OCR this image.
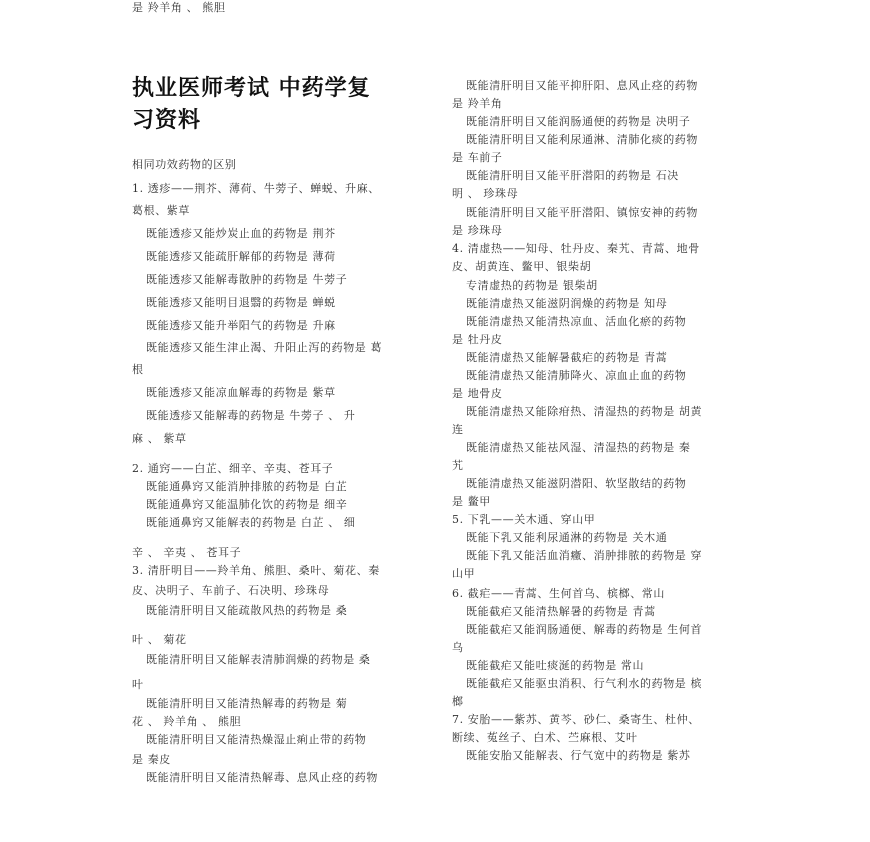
执业医师考试 中药学复
习资料
相同功效药物的区别
1. 透疹——荆芥、薄荷、牛蒡子、蝉蜕、升麻、
葛根、紫草
既能透疹又能炒炭止血的药物是 荆芥
既能透疹又能疏肝解郁的药物是 薄荷
既能透疹又能解毒散肿的药物是 牛蒡子
既能透疹又能明目退翳的药物是 蝉蜕
既能透疹又能升举阳气的药物是 升麻
既能透疹又能生津止渴、升阳止泻的药物是 葛
根
既能透疹又能凉血解毒的药物是 紫草
既能透疹又能解毒的药物是 牛蒡子 、 升
麻 、 紫草
2. 通窍——白芷、细辛、辛夷、苍耳子
既能通鼻窍又能消肿排脓的药物是 白芷
既能通鼻窍又能温肺化饮的药物是 细辛
既能通鼻窍又能解表的药物是 白芷 、 细
辛 、 辛夷 、 苍耳子
3. 清肝明目——羚羊角、熊胆、桑叶、菊花、秦
皮、决明子、车前子、石决明、珍珠母
既能清肝明目又能疏散风热的药物是 桑
叶 、 菊花
既能清肝明目又能解表清肺润燥的药物是 桑
叶
既能清肝明目又能清热解毒的药物是 菊
花 、 羚羊角 、 熊胆
既能清肝明目又能清热燥湿止痢止带的药物
是 秦皮
既能清肝明目又能清热解毒、息风止痉的药物
是 羚羊角 、 熊胆
既能清肝明目又能平抑肝阳、息风止痉的药物
是 羚羊角
既能清肝明目又能润肠通便的药物是 决明子
既能清肝明目又能利尿通淋、清肺化痰的药物
是 车前子
既能清肝明目又能平肝潜阳的药物是 石决
明 、 珍珠母
既能清肝明目又能平肝潜阳、镇惊安神的药物
是 珍珠母
4. 清虚热——知母、牡丹皮、秦艽、青蒿、地骨
皮、胡黄连、鳖甲、银柴胡
专清虚热的药物是 银柴胡
既能清虚热又能滋阴润燥的药物是 知母
既能清虚热又能清热凉血、活血化瘀的药物
是 牡丹皮
既能清虚热又能解暑截疟的药物是 青蒿
既能清虚热又能清肺降火、凉血止血的药物
是 地骨皮
既能清虚热又能除疳热、清湿热的药物是 胡黄
连
既能清虚热又能祛风湿、清湿热的药物是 秦
艽
既能清虚热又能滋阴潜阳、软坚散结的药物
是 鳖甲
5. 下乳——关木通、穿山甲
既能下乳又能利尿通淋的药物是 关木通
既能下乳又能活血消癥、消肿排脓的药物是 穿
山甲
6. 截疟——青蒿、生何首乌、槟榔、常山
既能截疟又能清热解暑的药物是 青蒿
既能截疟又能润肠通便、解毒的药物是 生何首
乌
既能截疟又能吐痰涎的药物是 常山
既能截疟又能驱虫消积、行气利水的药物是 槟
榔
7. 安胎——紫苏、黄芩、砂仁、桑寄生、杜仲、
断续、菟丝子、白术、苎麻根、艾叶
既能安胎又能解表、行气宽中的药物是 紫苏
